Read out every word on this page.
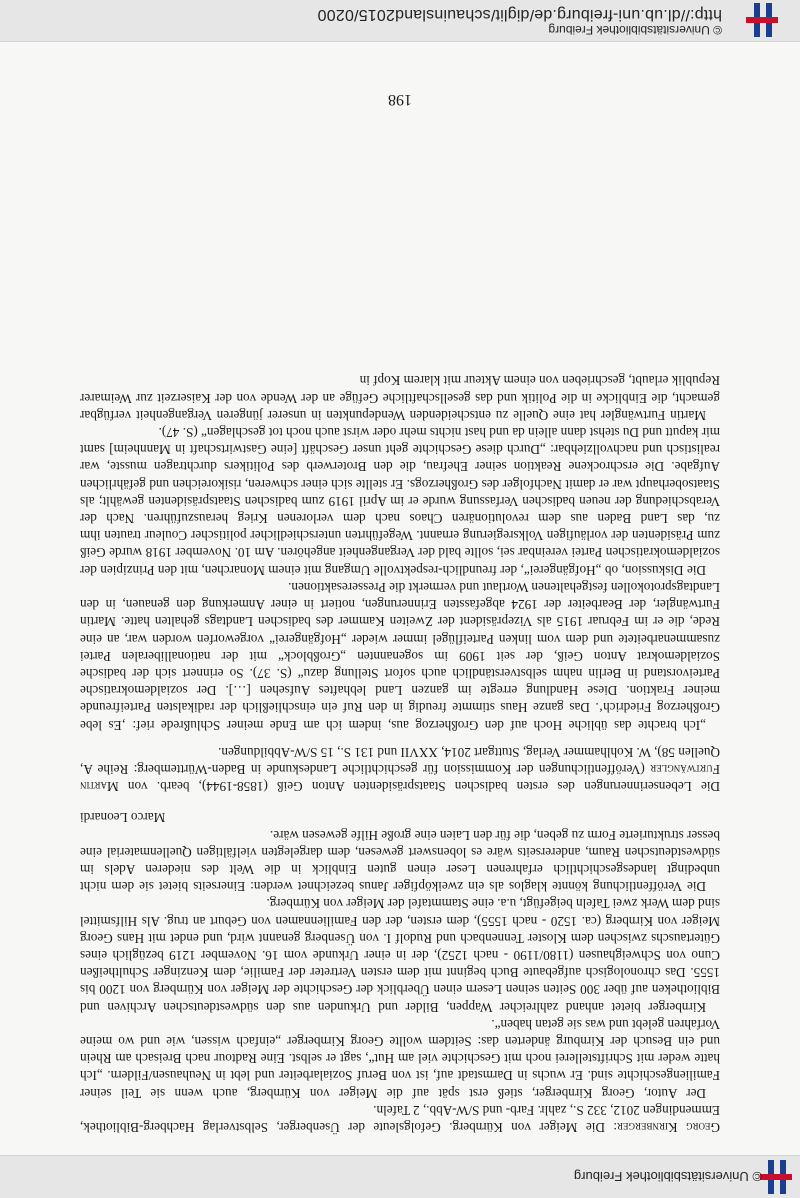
© Universitätsbibliothek Freiburg

Georg Kirnberger: Die Meiger von Kürnberg. Gefolgsleute der Üsenberger, Selbstverlag Hachberg-Bibliothek, Emmendingen 2012, 332 S., zahlr. Farb- und S/W-Abb., 2 Tafeln.

Der Autor, Georg Kirnberger, stieß erst spät auf die Meiger von Kürnberg, auch wenn sie Teil seiner Familiengeschichte sind. Er wuchs in Darmstadt auf, ist von Beruf Sozialarbeiter und lebt in Neuhausen/Fildern. „Ich hatte weder mit Schriftstellerei noch mit Geschichte viel am Hut“, sagt er selbst. Eine Radtour nach Breisach am Rhein und ein Besuch der Kirnburg änderten das: Seitdem wollte Georg Kirnberger „einfach wissen, wie und wo meine Vorfahren gelebt und was sie getan haben“.

Kirnberger bietet anhand zahlreicher Wappen, Bilder und Urkunden aus den südwestdeutschen Archiven und Bibliotheken auf über 300 Seiten seinen Lesern einen Überblick der Geschichte der Meiger von Kürnberg von 1200 bis 1555. Das chronologisch aufgebaute Buch beginnt mit dem ersten Vertreter der Familie, dem Kenzinger Schultheißen Cuno von Schweighausen (1180/1190 - nach 1252), der in einer Urkunde vom 16. November 1219 bezüglich eines Gütertauschs zwischen dem Kloster Tennenbach und Rudolf I. von Üsenberg genannt wird, und endet mit Hans Georg Meiger von Kirnberg (ca. 1520 - nach 1555), dem ersten, der den Familiennamen von Geburt an trug. Als Hilfsmittel sind dem Werk zwei Tafeln beigefügt, u.a. eine Stammtafel der Meiger von Kürnberg.

Die Veröffentlichung könnte klaglos als ein zweiköpfiger Janus bezeichnet werden: Einerseits bietet sie dem nicht unbedingt landesgeschichtlich erfahrenen Leser einen guten Einblick in die Welt des niederen Adels im südwestdeutschen Raum, andererseits wäre es lobenswert gewesen, dem dargelegten vielfältigen Quellenmaterial eine besser strukturierte Form zu geben, die für den Laien eine große Hilfe gewesen wäre.

Marco Leonardi

Die Lebenserinnerungen des ersten badischen Staatspräsidenten Anton Geiß (1858-1944), bearb. von Martin Furtwängler (Veröffentlichungen der Kommission für geschichtliche Landeskunde in Baden-Württemberg: Reihe A, Quellen 58), W. Kohlhammer Verlag, Stuttgart 2014, XXVII und 131 S., 15 S/W-Abbildungen.

„Ich brachte das übliche Hoch auf den Großherzog aus, indem ich am Ende meiner Schlußrede rief: ‚Es lebe Großherzog Friedrich‘. Das ganze Haus stimmte freudig in den Ruf ein einschließlich der radikalsten Parteifreunde meiner Fraktion. Diese Handlung erregte im ganzen Land lebhaftes Aufsehen […]. Der sozialdemokratische Parteivorstand in Berlin nahm selbstverständlich auch sofort Stellung dazu“ (S. 37). So erinnert sich der badische Sozialdemokrat Anton Geiß, der seit 1909 im sogenannten „Großblock“ mit der nationalliberalen Partei zusammenarbeitete und dem vom linken Parteiflügel immer wieder „Hofgängerei“ vorgeworfen worden war, an eine Rede, die er im Februar 1915 als Vizepräsident der Zweiten Kammer des badischen Landtags gehalten hatte. Martin Furtwängler, der Bearbeiter der 1924 abgefassten Erinnerungen, notiert in einer Anmerkung den genauen, in den Landtagsprotokollen festgehaltenen Wortlaut und vermerkt die Presseresaktionen.

Die Diskussion, ob „Hofgängerei“, der freundlich-respektvolle Umgang mit einem Monarchen, mit den Prinzipien der sozialdemokratischen Partei vereinbar sei, sollte bald der Vergangenheit angehören. Am 10. November 1918 wurde Geiß zum Präsidenten der vorläufigen Volksregierung ernannt. Wegeführten unterschiedlicher politischer Couleur trauten ihm zu, das Land Baden aus dem revolutionären Chaos nach dem verlorenen Krieg herauszuführen. Nach der Verabschiedung der neuen badischen Verfassung wurde er im April 1919 zum badischen Staatspräsidenten gewählt; als Staatsoberhaupt war er damit Nachfolger des Großherzogs. Er stellte sich einer schweren, risikoreichen und gefährlichen Aufgabe. Die erschrockene Reaktion seiner Ehefrau, die den Broterwerb des Politikers durchtragen musste, war realistisch und nachvollziehbar: „Durch diese Geschichte geht unser Geschäft [eine Gastwirtschaft in Mannheim] samt mir kaputt und Du stehst dann allein da und hast nichts mehr oder wirst auch noch tot geschlagen“ (S. 47).

Martin Furtwängler hat eine Quelle zu entscheidenden Wendepunkten in unserer jüngeren Vergangenheit verfügbar gemacht, die Einblicke in die Politik und das gesellschaftliche Gefüge an der Wende von der Kaiserzeit zur Weimarer Republik erlaubt, geschrieben von einem Akteur mit klarem Kopf in

198
© Universitätsbibliothek Freiburg
http://dl.ub.uni-freiburg.de/diglit/schauinsland2015/0200
